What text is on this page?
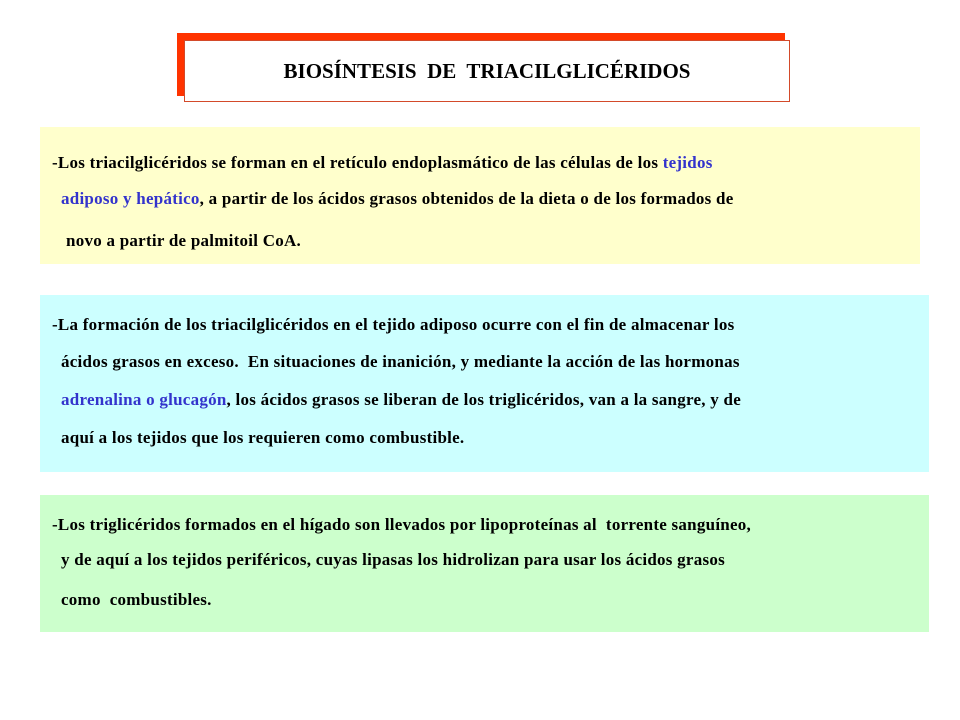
BIOSÍNTESIS  DE  TRIACILGLICÉRIDOS
-Los triacilglicéridos se forman en el retículo endoplasmático de las células de los tejidos
adiposo y hepático, a partir de los ácidos grasos obtenidos de la dieta o de los formados de
novo a partir de palmitoil CoA.
-La formación de los triacilglicéridos en el tejido adiposo ocurre con el fin de almacenar los
ácidos grasos en exceso.  En situaciones de inanición, y mediante la acción de las hormonas
adrenalina o glucagón, los ácidos grasos se liberan de los triglicéridos, van a la sangre, y de
aquí a los tejidos que los requieren como combustible.
-Los triglicéridos formados en el hígado son llevados por lipoproteínas al  torrente sanguíneo,
y de aquí a los tejidos periféricos, cuyas lipasas los hidrolizan para usar los ácidos grasos
como  combustibles.
